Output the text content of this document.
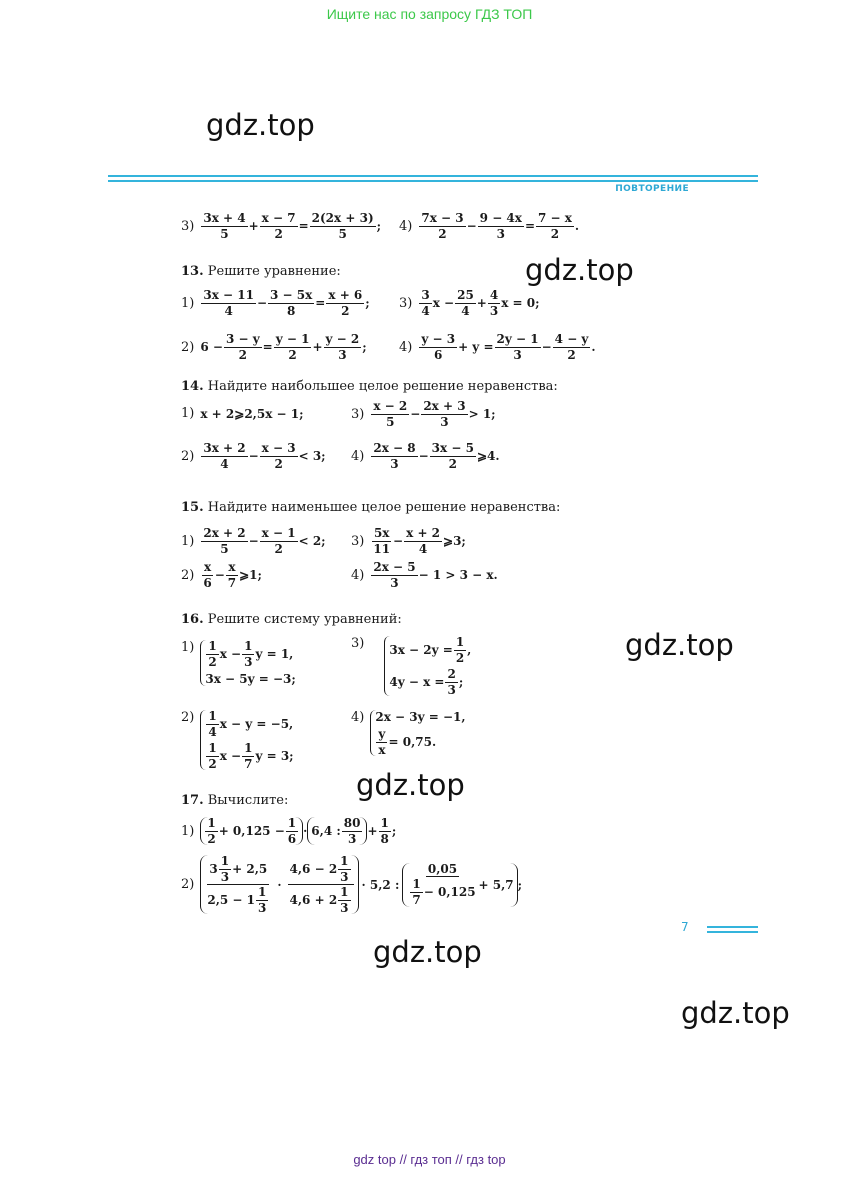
Ищите нас по запросу ГДЗ ТОП
gdz.top
ПОВТОРЕНИЕ
3)
3x + 4
5
+ $\frac{x - 7}{2} = \frac{2(2x + 3)}{5}$ ; 4)
7x − 3
2
− $\frac{9 - 4x}{3} = \frac{7 - x}{2}$ .
13. Решите уравнение:	gdz.top
1)
3x − 11
4
− $\frac{3 - 5x}{8} = \frac{x + 6}{2}$ ; 3)
3
4
$x - \frac{25}{4} + \frac{4}{3}$ x = 0;
2) $6 - \frac{3 - y}{2} = \frac{y - 1}{2} + \frac{y - 2}{3}$ ; 4)
y − 3
6
+ $y = \frac{2y - 1}{3} - \frac{4 - y}{2}$ .
14. Найдите наибольшее целое решение неравенства:
1) x + 2⩾2,5x − 1;	3)
x − 2
5
− $\frac{2x + 3}{3} > 1$;
2)
3x + 2
4
− $\frac{x - 3}{2} < 3$; 4)
2x − 8
3
− $\frac{3x - 5}{2}$ ⩾4.
15. Найдите наименьшее целое решение неравенства:
1)
2x + 2
5
− $\frac{x - 1}{2} < 2$; 3)
5x
11
− $\frac{x + 2}{4}$ ⩾3;
2)
x
6
− $\frac{x}{7}$ ⩾1;	4)
2x − 5
3
− 1 > 3 − x.
16. Решите систему уравнений:
gdz.top
1) 1
2
$x - \frac{1}{3}$ y = 1,
3x − 5y = −3;
3) $3x - 2y = \frac{1}{2}$ ,
$4y - x = \frac{2}{3}$ ;
2) 1
4
x − y = −5,
1
2
$x - \frac{1}{7}$ y = 3;
4) 2x − 3y = −1,
$\frac{y}{x} = 0,75$.
gdz.top
17. Вычислите:
1)
1
2
+ $0,125 - \frac{1}{6} \cdot 6,4$ :
80
3
+ $\frac{1}{8}$ ;
2)
3
1
3
+ 2,5
2,5 − 1
1
3
·
4,6 − 2
1
3
4,6 + 2
1
3
· 5,2 :
0,05
1
7
− 0,125
+ 5,7 ;
7
gdz.top
gdz.top
gdz top // гдз топ // гдз top
